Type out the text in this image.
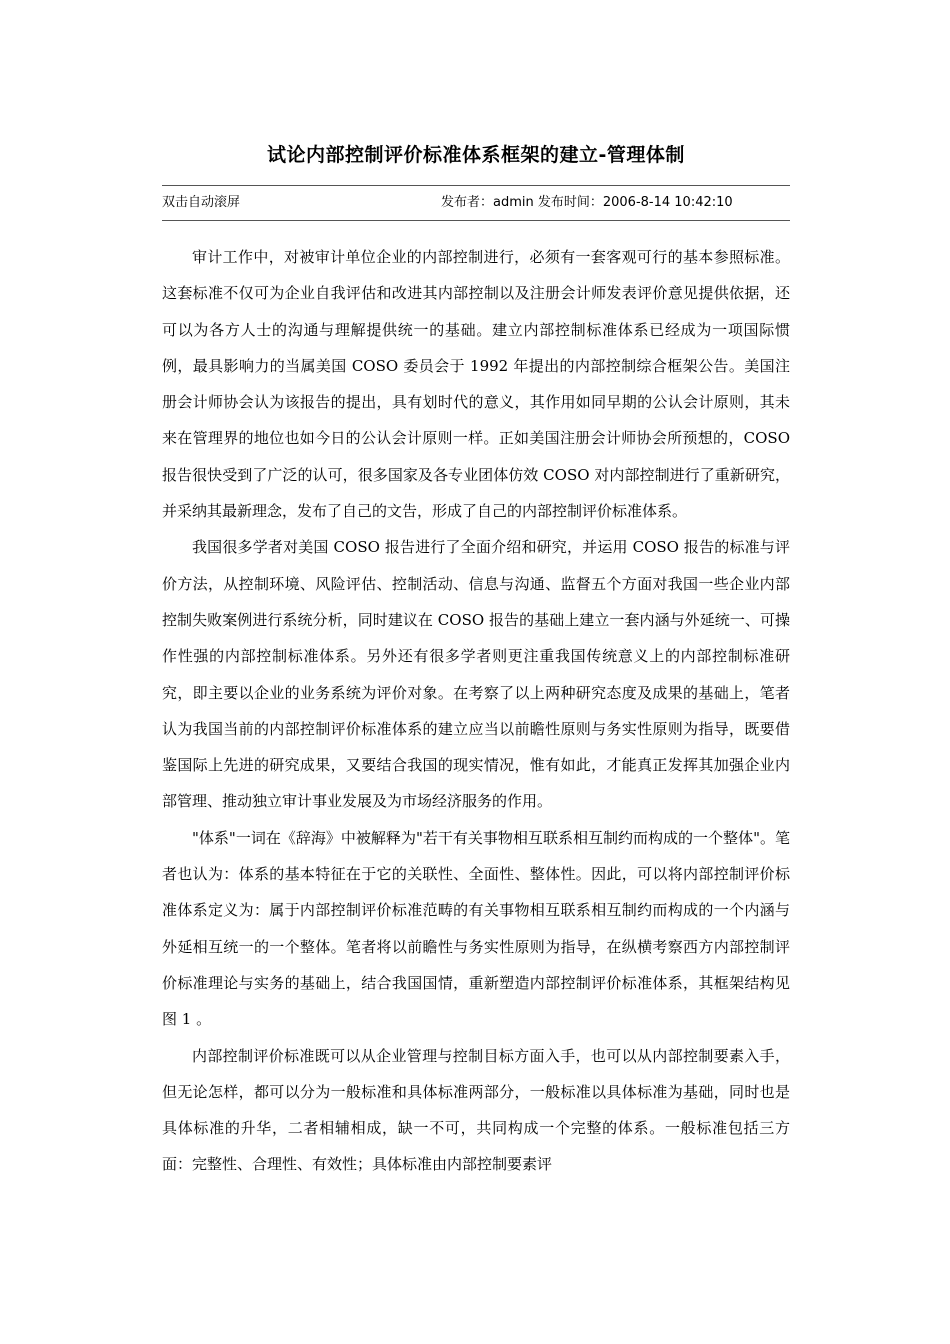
试论内部控制评价标准体系框架的建立-管理体制
双击自动滚屏	发布者：admin 发布时间：2006-8-14 10:42:10

审计工作中，对被审计单位企业的内部控制进行，必须有一套客观可行的基本参照标准。这套标准不仅可为企业自我评估和改进其内部控制以及注册会计师发表评价意见提供依据，还可以为各方人士的沟通与理解提供统一的基础。建立内部控制标准体系已经成为一项国际惯例，最具影响力的当属美国 COSO 委员会于 1992 年提出的内部控制综合框架公告。美国注册会计师协会认为该报告的提出，具有划时代的意义，其作用如同早期的公认会计原则，其未来在管理界的地位也如今日的公认会计原则一样。正如美国注册会计师协会所预想的，COSO 报告很快受到了广泛的认可，很多国家及各专业团体仿效 COSO 对内部控制进行了重新研究，并采纳其最新理念，发布了自己的文告，形成了自己的内部控制评价标准体系。

我国很多学者对美国 COSO 报告进行了全面介绍和研究，并运用 COSO 报告的标准与评价方法，从控制环境、风险评估、控制活动、信息与沟通、监督五个方面对我国一些企业内部控制失败案例进行系统分析，同时建议在 COSO 报告的基础上建立一套内涵与外延统一、可操作性强的内部控制标准体系。另外还有很多学者则更注重我国传统意义上的内部控制标准研究，即主要以企业的业务系统为评价对象。在考察了以上两种研究态度及成果的基础上，笔者认为我国当前的内部控制评价标准体系的建立应当以前瞻性原则与务实性原则为指导，既要借鉴国际上先进的研究成果，又要结合我国的现实情况，惟有如此，才能真正发挥其加强企业内部管理、推动独立审计事业发展及为市场经济服务的作用。

"体系"一词在《辞海》中被解释为"若干有关事物相互联系相互制约而构成的一个整体"。笔者也认为：体系的基本特征在于它的关联性、全面性、整体性。因此，可以将内部控制评价标准体系定义为：属于内部控制评价标准范畴的有关事物相互联系相互制约而构成的一个内涵与外延相互统一的一个整体。笔者将以前瞻性与务实性原则为指导，在纵横考察西方内部控制评价标准理论与实务的基础上，结合我国国情，重新塑造内部控制评价标准体系，其框架结构见图 1 。

内部控制评价标准既可以从企业管理与控制目标方面入手，也可以从内部控制要素入手，但无论怎样，都可以分为一般标准和具体标准两部分，一般标准以具体标准为基础，同时也是具体标准的升华，二者相辅相成，缺一不可，共同构成一个完整的体系。一般标准包括三方面：完整性、合理性、有效性；具体标准由内部控制要素评
